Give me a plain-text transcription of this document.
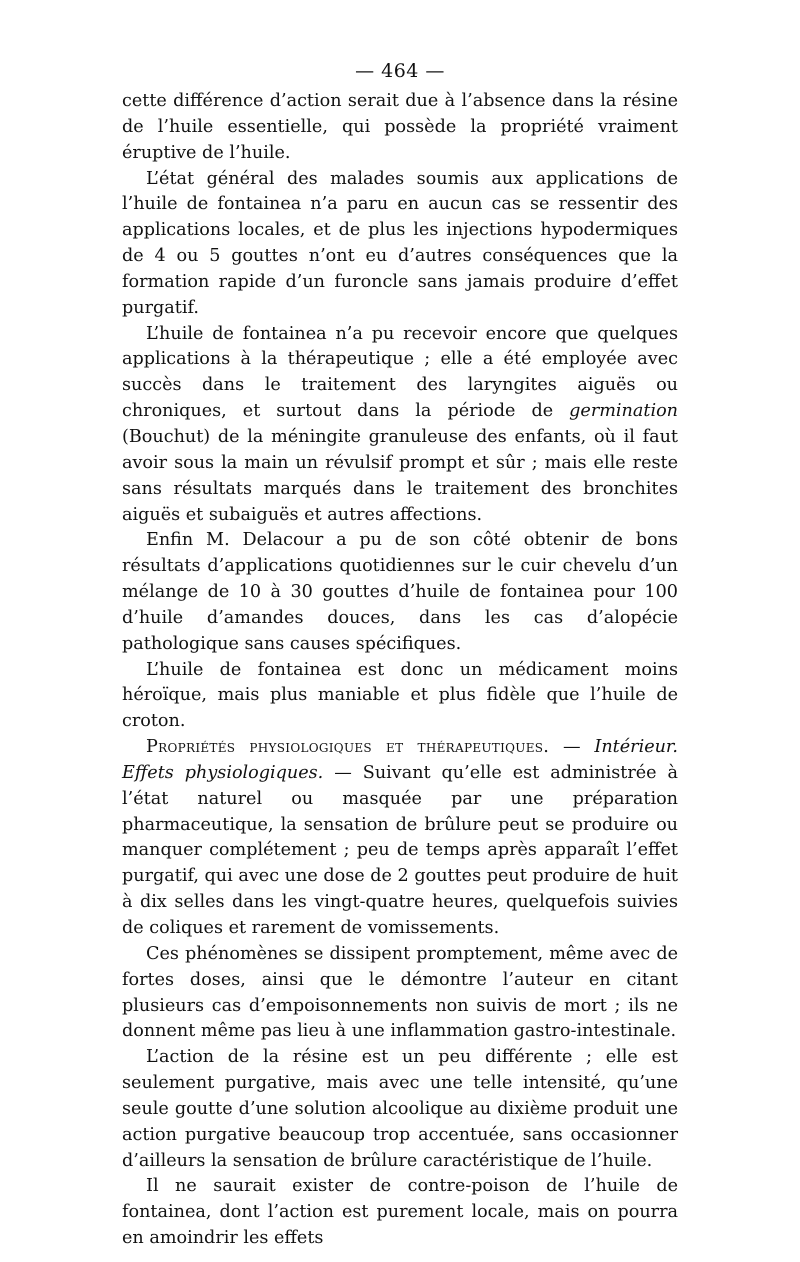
— 464 —

cette différence d’action serait due à l’absence dans la résine de l’huile essentielle, qui possède la propriété vraiment éruptive de l’huile.

L’état général des malades soumis aux applications de l’huile de fontainea n’a paru en aucun cas se ressentir des applications locales, et de plus les injections hypodermiques de 4 ou 5 gouttes n’ont eu d’autres conséquences que la formation rapide d’un furoncle sans jamais produire d’effet purgatif.

L’huile de fontainea n’a pu recevoir encore que quelques applications à la thérapeutique ; elle a été employée avec succès dans le traitement des laryngites aiguës ou chroniques, et surtout dans la période de germination (Bouchut) de la méningite granuleuse des enfants, où il faut avoir sous la main un révulsif prompt et sûr ; mais elle reste sans résultats marqués dans le traitement des bronchites aiguës et subaiguës et autres affections.

Enfin M. Delacour a pu de son côté obtenir de bons résultats d’applications quotidiennes sur le cuir chevelu d’un mélange de 10 à 30 gouttes d’huile de fontainea pour 100 d’huile d’amandes douces, dans les cas d’alopécie pathologique sans causes spécifiques.

L’huile de fontainea est donc un médicament moins héroïque, mais plus maniable et plus fidèle que l’huile de croton.

Propriétés physiologiques et thérapeutiques. — Intérieur. Effets physiologiques. — Suivant qu’elle est administrée à l’état naturel ou masquée par une préparation pharmaceutique, la sensation de brûlure peut se produire ou manquer complétement ; peu de temps après apparaît l’effet purgatif, qui avec une dose de 2 gouttes peut produire de huit à dix selles dans les vingt-quatre heures, quelquefois suivies de coliques et rarement de vomissements.

Ces phénomènes se dissipent promptement, même avec de fortes doses, ainsi que le démontre l’auteur en citant plusieurs cas d’empoisonnements non suivis de mort ; ils ne donnent même pas lieu à une inflammation gastro-intestinale.

L’action de la résine est un peu différente ; elle est seulement purgative, mais avec une telle intensité, qu’une seule goutte d’une solution alcoolique au dixième produit une action purgative beaucoup trop accentuée, sans occasionner d’ailleurs la sensation de brûlure caractéristique de l’huile.

Il ne saurait exister de contre-poison de l’huile de fontainea, dont l’action est purement locale, mais on pourra en amoindrir les effets
